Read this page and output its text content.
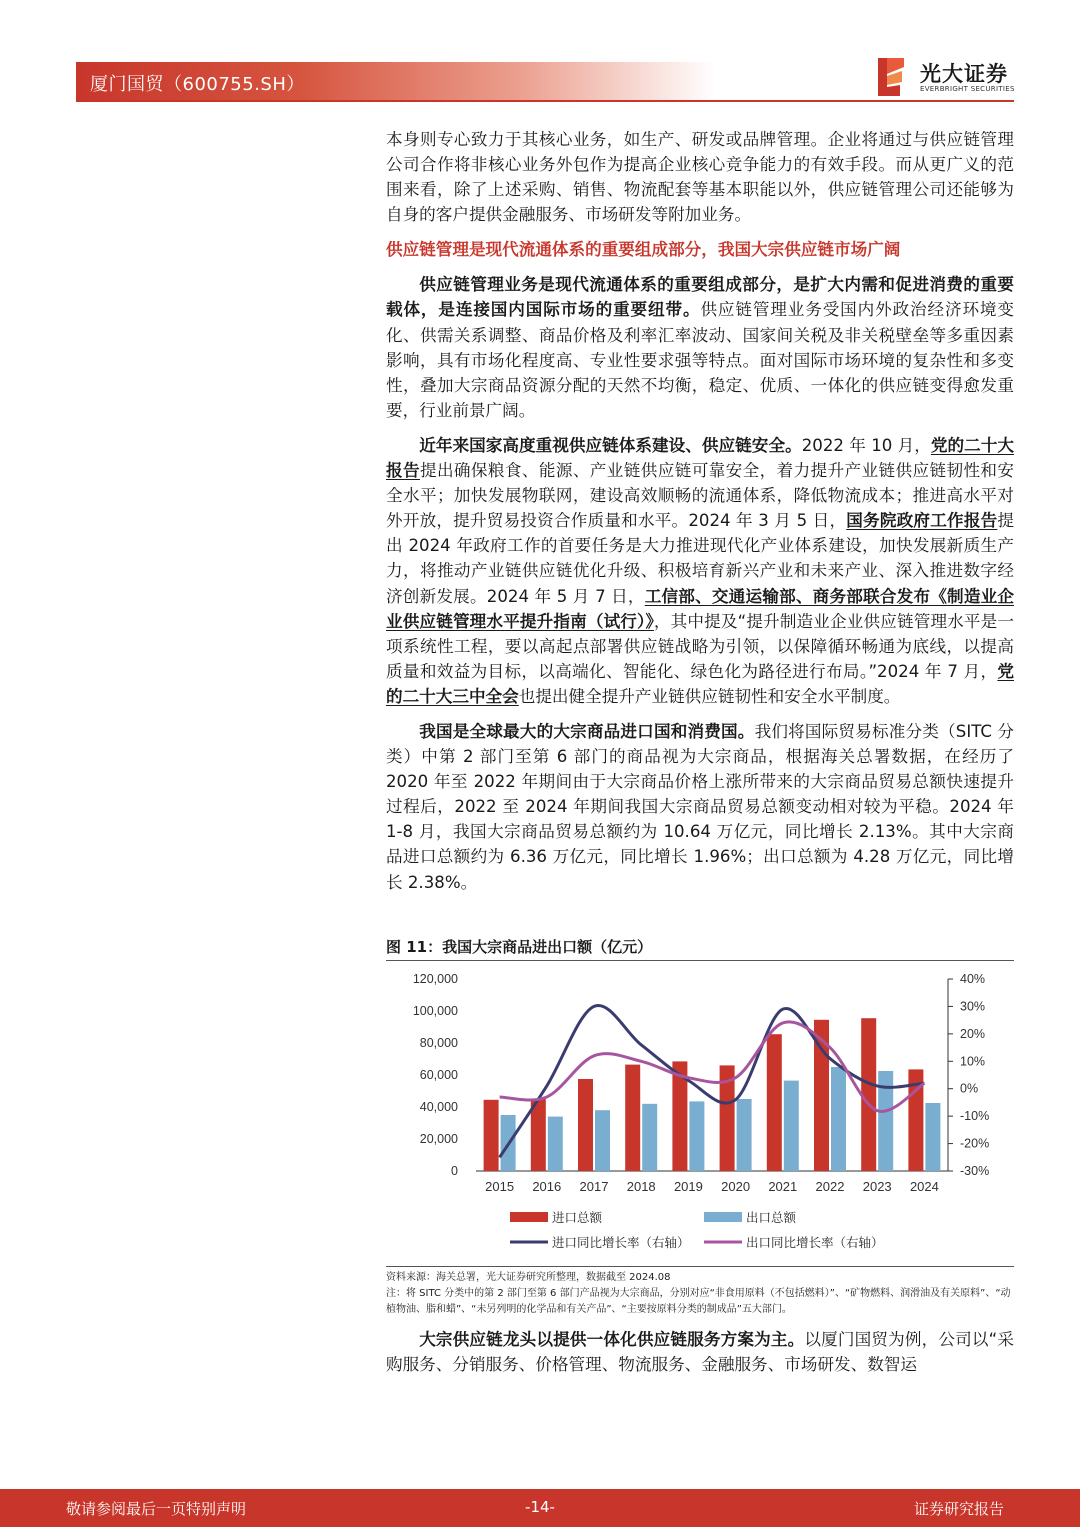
厦门国贸（600755.SH）	光大证券
EVERBRIGHT SECURITIES

本身则专心致力于其核心业务，如生产、研发或品牌管理。企业将通过与供应链管理公司合作将非核心业务外包作为提高企业核心竞争能力的有效手段。而从更广义的范围来看，除了上述采购、销售、物流配套等基本职能以外，供应链管理公司还能够为自身的客户提供金融服务、市场研发等附加业务。

供应链管理是现代流通体系的重要组成部分，我国大宗供应链市场广阔

供应链管理业务是现代流通体系的重要组成部分，是扩大内需和促进消费的重要载体，是连接国内国际市场的重要纽带。供应链管理业务受国内外政治经济环境变化、供需关系调整、商品价格及利率汇率波动、国家间关税及非关税壁垒等多重因素影响，具有市场化程度高、专业性要求强等特点。面对国际市场环境的复杂性和多变性，叠加大宗商品资源分配的天然不均衡，稳定、优质、一体化的供应链变得愈发重要，行业前景广阔。

近年来国家高度重视供应链体系建设、供应链安全。2022 年 10 月，党的二十大报告提出确保粮食、能源、产业链供应链可靠安全，着力提升产业链供应链韧性和安全水平；加快发展物联网，建设高效顺畅的流通体系，降低物流成本；推进高水平对外开放，提升贸易投资合作质量和水平。2024 年 3 月 5 日，国务院政府工作报告提出 2024 年政府工作的首要任务是大力推进现代化产业体系建设，加快发展新质生产力，将推动产业链供应链优化升级、积极培育新兴产业和未来产业、深入推进数字经济创新发展。2024 年 5 月 7 日，工信部、交通运输部、商务部联合发布《制造业企业供应链管理水平提升指南（试行）》，其中提及“提升制造业企业供应链管理水平是一项系统性工程，要以高起点部署供应链战略为引领，以保障循环畅通为底线，以提高质量和效益为目标，以高端化、智能化、绿色化为路径进行布局。”2024 年 7 月，党的二十大三中全会也提出健全提升产业链供应链韧性和安全水平制度。

我国是全球最大的大宗商品进口国和消费国。我们将国际贸易标准分类（SITC 分类）中第 2 部门至第 6 部门的商品视为大宗商品，根据海关总署数据，在经历了 2020 年至 2022 年期间由于大宗商品价格上涨所带来的大宗商品贸易总额快速提升过程后，2022 至 2024 年期间我国大宗商品贸易总额变动相对较为平稳。2024 年 1-8 月，我国大宗商品贸易总额约为 10.64 万亿元，同比增长 2.13%。其中大宗商品进口总额约为 6.36 万亿元，同比增长 1.96%；出口总额为 4.28 万亿元，同比增长 2.38%。

图 11：我国大宗商品进出口额（亿元）
120,000
100,000
80,000
60,000
40,000
20,000
0
40%
30%
20%
10%
0%
-10%
-20%
-30%
2015 2016 2017 2018 2019 2020 2021 2022 2023 2024
进口总额	出口总额
进口同比增长率（右轴）	出口同比增长率（右轴）
资料来源：海关总署，光大证券研究所整理，数据截至 2024.08
注：将 SITC 分类中的第 2 部门至第 6 部门产品视为大宗商品，分别对应“非食用原料（不包括燃料）”、“矿物燃料、润滑油及有关原料”、“动植物油、脂和蜡”、“未另列明的化学品和有关产品”、“主要按原料分类的制成品”五大部门。

大宗供应链龙头以提供一体化供应链服务方案为主。以厦门国贸为例，公司以“采购服务、分销服务、价格管理、物流服务、金融服务、市场研发、数智运

敬请参阅最后一页特别声明	-14-	证券研究报告
